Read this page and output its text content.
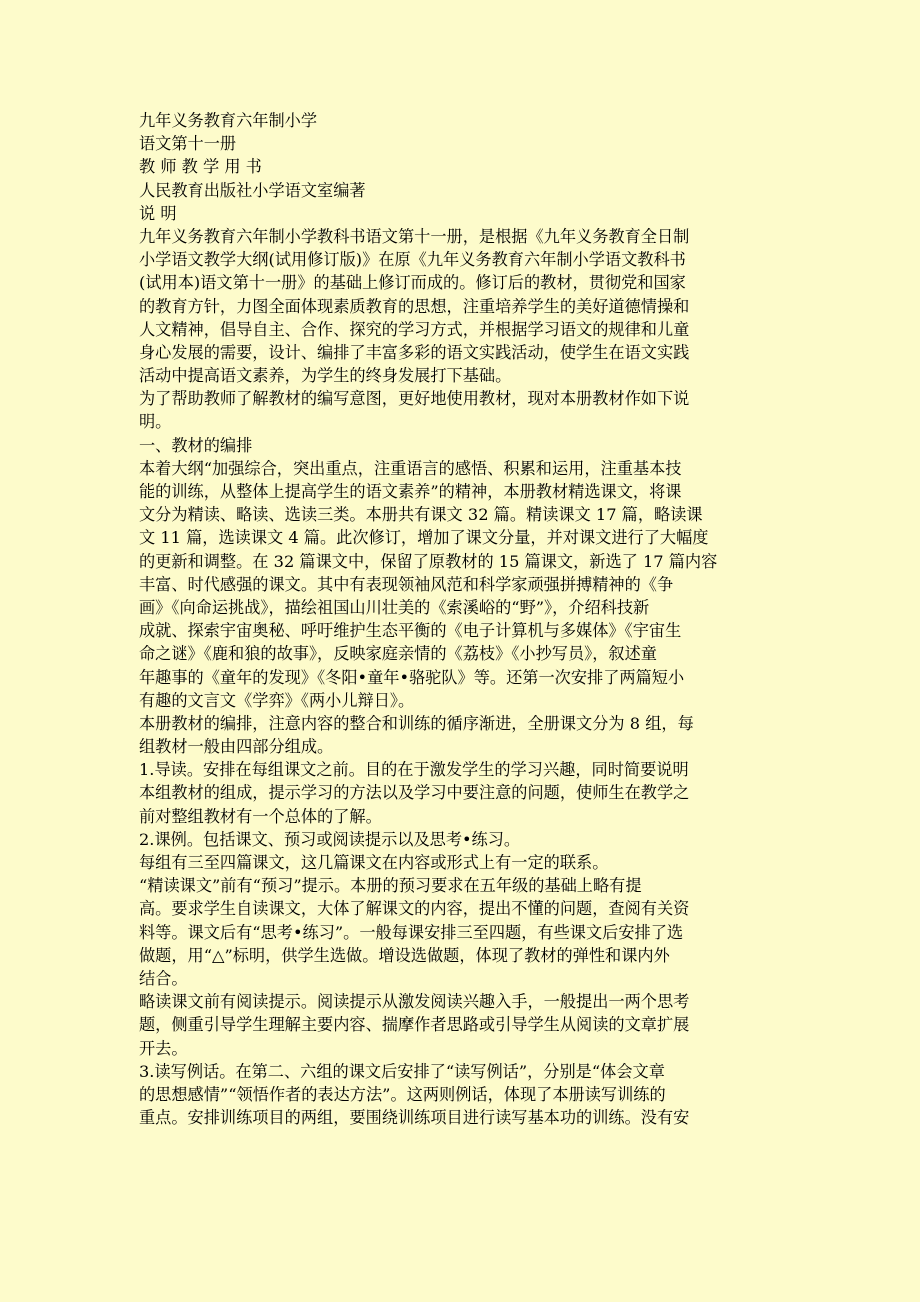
九年义务教育六年制小学
语文第十一册
教 师 教 学 用 书
人民教育出版社小学语文室编著
说 明
九年义务教育六年制小学教科书语文第十一册，是根据《九年义务教育全日制
小学语文教学大纲(试用修订版)》在原《九年义务教育六年制小学语文教科书
(试用本)语文第十一册》的基础上修订而成的。修订后的教材，贯彻党和国家
的教育方针，力图全面体现素质教育的思想，注重培养学生的美好道德情操和
人文精神，倡导自主、合作、探究的学习方式，并根据学习语文的规律和儿童
身心发展的需要，设计、编排了丰富多彩的语文实践活动，使学生在语文实践
活动中提高语文素养，为学生的终身发展打下基础。
为了帮助教师了解教材的编写意图，更好地使用教材，现对本册教材作如下说
明。
一、教材的编排
本着大纲“加强综合，突出重点，注重语言的感悟、积累和运用，注重基本技
能的训练，从整体上提高学生的语文素养”的精神，本册教材精选课文，将课
文分为精读、略读、选读三类。本册共有课文 32 篇。精读课文 17 篇，略读课
文 11 篇，选读课文 4 篇。此次修订，增加了课文分量，并对课文进行了大幅度
的更新和调整。在 32 篇课文中，保留了原教材的 15 篇课文，新选了 17 篇内容
丰富、时代感强的课文。其中有表现领袖风范和科学家顽强拼搏精神的《争
画》《向命运挑战》，描绘祖国山川壮美的《索溪峪的“野”》，介绍科技新
成就、探索宇宙奥秘、呼吁维护生态平衡的《电子计算机与多媒体》《宇宙生
命之谜》《鹿和狼的故事》，反映家庭亲情的《荔枝》《小抄写员》，叙述童
年趣事的《童年的发现》《冬阳•童年•骆驼队》等。还第一次安排了两篇短小
有趣的文言文《学弈》《两小儿辩日》。
本册教材的编排，注意内容的整合和训练的循序渐进，全册课文分为 8 组，每
组教材一般由四部分组成。
1.导读。安排在每组课文之前。目的在于激发学生的学习兴趣，同时简要说明
本组教材的组成，提示学习的方法以及学习中要注意的问题，使师生在教学之
前对整组教材有一个总体的了解。
2.课例。包括课文、预习或阅读提示以及思考•练习。
每组有三至四篇课文，这几篇课文在内容或形式上有一定的联系。
“精读课文”前有“预习”提示。本册的预习要求在五年级的基础上略有提
高。要求学生自读课文，大体了解课文的内容，提出不懂的问题，查阅有关资
料等。课文后有“思考•练习”。一般每课安排三至四题，有些课文后安排了选
做题，用“△”标明，供学生选做。增设选做题，体现了教材的弹性和课内外
结合。
略读课文前有阅读提示。阅读提示从激发阅读兴趣入手，一般提出一两个思考
题，侧重引导学生理解主要内容、揣摩作者思路或引导学生从阅读的文章扩展
开去。
3.读写例话。在第二、六组的课文后安排了“读写例话”，分别是“体会文章
的思想感情”“领悟作者的表达方法”。这两则例话，体现了本册读写训练的
重点。安排训练项目的两组，要围绕训练项目进行读写基本功的训练。没有安
